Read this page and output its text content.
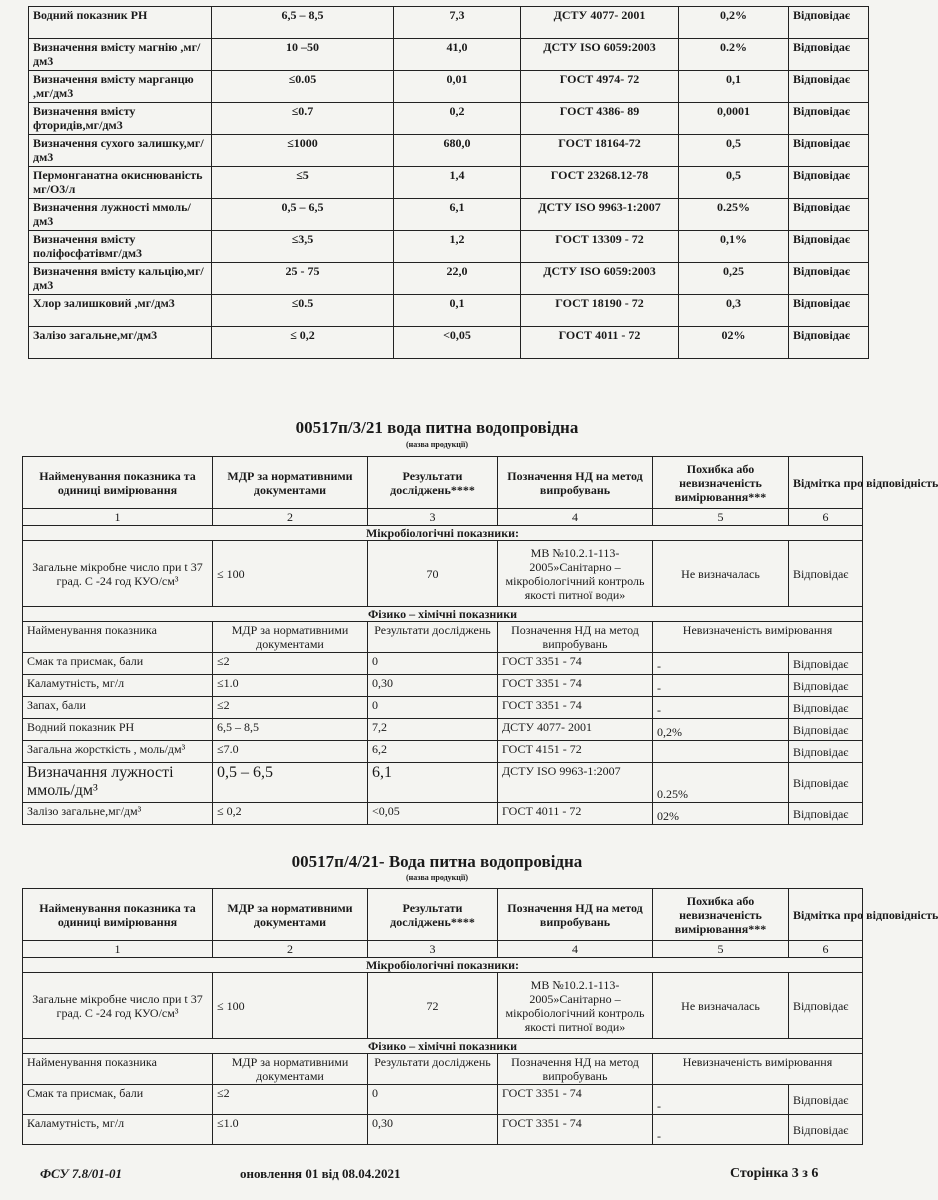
Водний показник РН	6,5 – 8,5	7,3	ДСТУ 4077- 2001	0,2%	Відповідає
Визначення вмісту магнію ,мг/дм3	10 –50	41,0	ДСТУ ISO 6059:2003	0.2%	Відповідає
Визначення вмісту марганцю ,мг/дм3	≤0.05	0,01	ГОСТ 4974- 72	0,1	Відповідає
Визначення вмісту фторидів,мг/дм3	≤0.7	0,2	ГОСТ 4386- 89	0,0001	Відповідає
Визначення сухого залишку,мг/дм3	≤1000	680,0	ГОСТ 18164-72	0,5	Відповідає
Пермонганатна окиснюваність мг/О3/л	≤5	1,4	ГОСТ 23268.12-78	0,5	Відповідає
Визначення лужності ммоль/дм3	0,5 – 6,5	6,1	ДСТУ ISO 9963-1:2007	0.25%	Відповідає
Визначення вмісту поліфосфатівмг/дм3	≤3,5	1,2	ГОСТ 13309 - 72	0,1%	Відповідає
Визначення вмісту кальцію,мг/дм3	25 - 75	22,0	ДСТУ ISO 6059:2003	0,25	Відповідає
Хлор залишковий ,мг/дм3	≤0.5	0,1	ГОСТ 18190 - 72	0,3	Відповідає
Залізо загальне,мг/дм3	≤ 0,2	<0,05	ГОСТ 4011 - 72	02%	Відповідає
00517п/3/21 вода питна водопровідна
(назва продукції)
Найменування показника та одиниці вимірювання	МДР за нормативними документами	Результати досліджень****	Позначення НД на метод випробувань	Похибка або невизначеність вимірювання***	Відмітка про відповідність
1	2	3	4	5	6
Мікробіологічні показники:					
Загальне мікробне число при t 37 град. С -24 год КУО/см³	≤ 100	70	МВ №10.2.1-113-2005»Санітарно – мікробіологічний контроль якості питної води»	Не визначалась	Відповідає
Фізико – хімічні показники					
Найменування показника	МДР за нормативними документами	Результати досліджень	Позначення НД на метод випробувань	Невизначеність вимірювання	
Смак та присмак, бали	≤2	0	ГОСТ 3351 - 74	-	Відповідає
Каламутність, мг/л	≤1.0	0,30	ГОСТ 3351 - 74	-	Відповідає
Запах, бали	≤2	0	ГОСТ 3351 - 74	-	Відповідає
Водний показник РН	6,5 – 8,5	7,2	ДСТУ 4077- 2001	0,2%	Відповідає
Загальна жорсткість , моль/дм³	≤7.0	6,2	ГОСТ 4151 - 72		Відповідає
Визначання лужності ммоль/дм³	0,5 – 6,5	6,1	ДСТУ ISO 9963-1:2007	0.25%	Відповідає
Залізо загальне,мг/дм³	≤ 0,2	<0,05	ГОСТ 4011 - 72	02%	Відповідає
00517п/4/21- Вода питна водопровідна
(назва продукції)
Найменування показника та одиниці вимірювання	МДР за нормативними документами	Результати досліджень****	Позначення НД на метод випробувань	Похибка або невизначеність вимірювання***	Відмітка про відповідність
1	2	3	4	5	6
Мікробіологічні показники:					
Загальне мікробне число при t 37 град. С -24 год КУО/см³	≤ 100	72	МВ №10.2.1-113-2005»Санітарно – мікробіологічний контроль якості питної води»	Не визначалась	Відповідає
Фізико – хімічні показники					
Найменування показника	МДР за нормативними документами	Результати досліджень	Позначення НД на метод випробувань	Невизначеність вимірювання	
Смак та присмак, бали	≤2	0	ГОСТ 3351 - 74	-	Відповідає
Каламутність, мг/л	≤1.0	0,30	ГОСТ 3351 - 74	-	Відповідає
ФСУ 7.8/01-01	оновлення 01 від 08.04.2021	Сторінка 3 з 6
